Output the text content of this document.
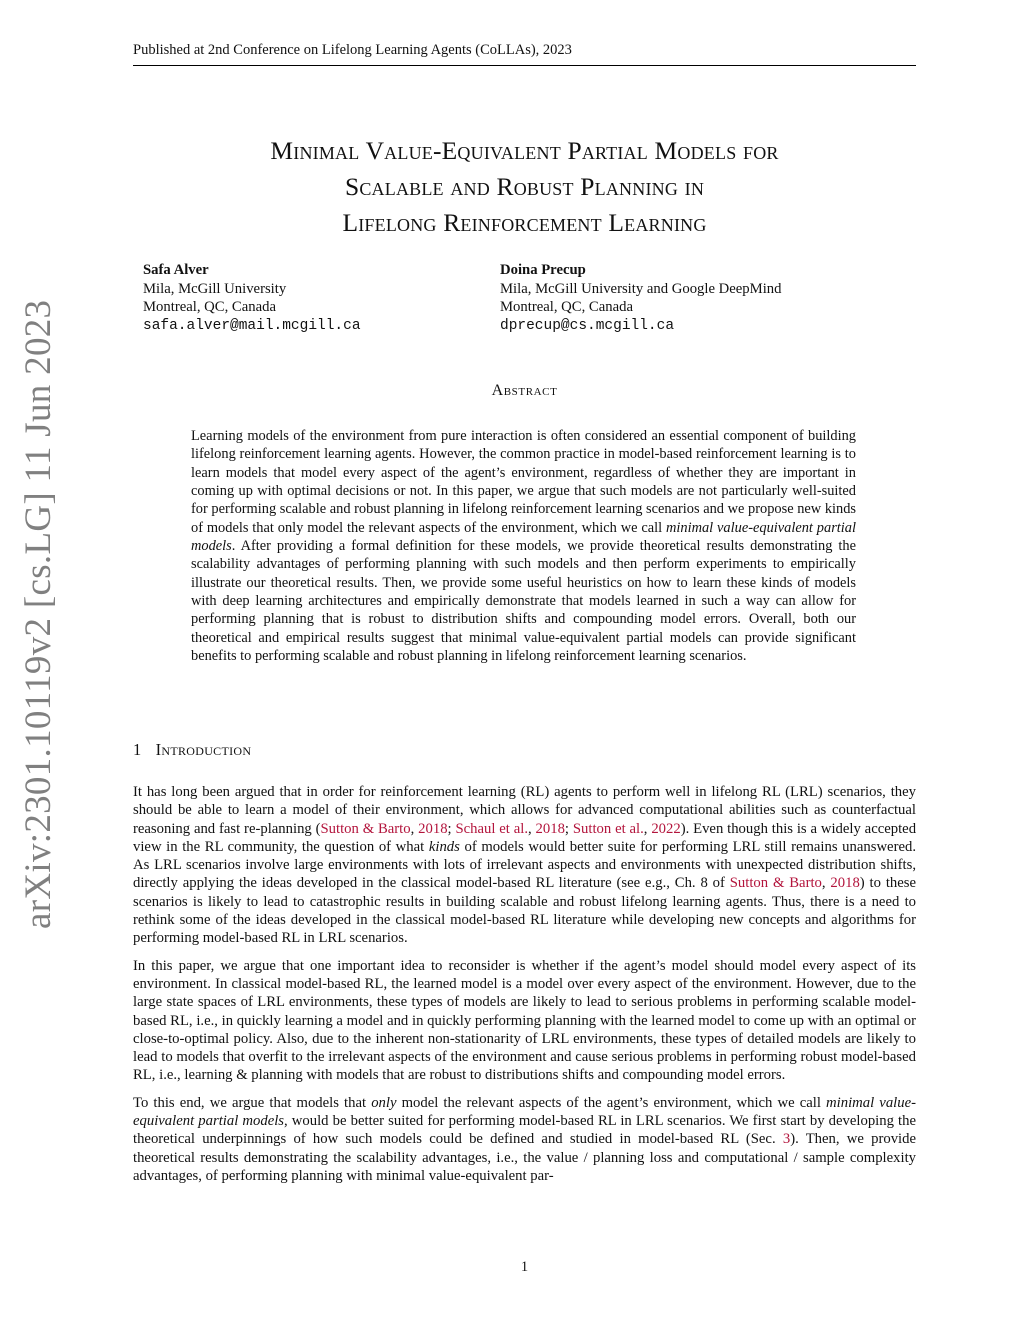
Published at 2nd Conference on Lifelong Learning Agents (CoLLAs), 2023
Minimal Value-Equivalent Partial Models for
Scalable and Robust Planning in
Lifelong Reinforcement Learning
Safa Alver
Mila, McGill University
Montreal, QC, Canada
safa.alver@mail.mcgill.ca
Doina Precup
Mila, McGill University and Google DeepMind
Montreal, QC, Canada
dprecup@cs.mcgill.ca
Abstract

Learning models of the environment from pure interaction is often considered an essential component of building lifelong reinforcement learning agents. However, the common practice in model-based reinforcement learning is to learn models that model every aspect of the agent’s environment, regardless of whether they are important in coming up with optimal decisions or not. In this paper, we argue that such models are not particularly well-suited for performing scalable and robust planning in lifelong reinforcement learning scenarios and we propose new kinds of models that only model the relevant aspects of the environment, which we call minimal value-equivalent partial models. After providing a formal definition for these models, we provide theoretical results demonstrating the scalability advantages of performing planning with such models and then perform experiments to empirically illustrate our theoretical results. Then, we provide some useful heuristics on how to learn these kinds of models with deep learning architectures and empirically demonstrate that models learned in such a way can allow for performing planning that is robust to distribution shifts and compounding model errors. Overall, both our theoretical and empirical results suggest that minimal value-equivalent partial models can provide significant benefits to performing scalable and robust planning in lifelong reinforcement learning scenarios.

1 Introduction

It has long been argued that in order for reinforcement learning (RL) agents to perform well in lifelong RL (LRL) scenarios, they should be able to learn a model of their environment, which allows for advanced computational abilities such as counterfactual reasoning and fast re-planning (Sutton & Barto, 2018; Schaul et al., 2018; Sutton et al., 2022). Even though this is a widely accepted view in the RL community, the question of what kinds of models would better suite for performing LRL still remains unanswered. As LRL scenarios involve large environments with lots of irrelevant aspects and environments with unexpected distribution shifts, directly applying the ideas developed in the classical model-based RL literature (see e.g., Ch. 8 of Sutton & Barto, 2018) to these scenarios is likely to lead to catastrophic results in building scalable and robust lifelong learning agents. Thus, there is a need to rethink some of the ideas developed in the classical model-based RL literature while developing new concepts and algorithms for performing model-based RL in LRL scenarios.

In this paper, we argue that one important idea to reconsider is whether if the agent’s model should model every aspect of its environment. In classical model-based RL, the learned model is a model over every aspect of the environment. However, due to the large state spaces of LRL environments, these types of models are likely to lead to serious problems in performing scalable model-based RL, i.e., in quickly learning a model and in quickly performing planning with the learned model to come up with an optimal or close-to-optimal policy. Also, due to the inherent non-stationarity of LRL environments, these types of detailed models are likely to lead to models that overfit to the irrelevant aspects of the environment and cause serious problems in performing robust model-based RL, i.e., learning & planning with models that are robust to distributions shifts and compounding model errors.

To this end, we argue that models that only model the relevant aspects of the agent’s environment, which we call minimal value-equivalent partial models, would be better suited for performing model-based RL in LRL scenarios. We first start by developing the theoretical underpinnings of how such models could be defined and studied in model-based RL (Sec. 3). Then, we provide theoretical results demonstrating the scalability advantages, i.e., the value / planning loss and computational / sample complexity advantages, of performing planning with minimal value-equivalent par-

1
arXiv:2301.10119v2 [cs.LG] 11 Jun 2023
